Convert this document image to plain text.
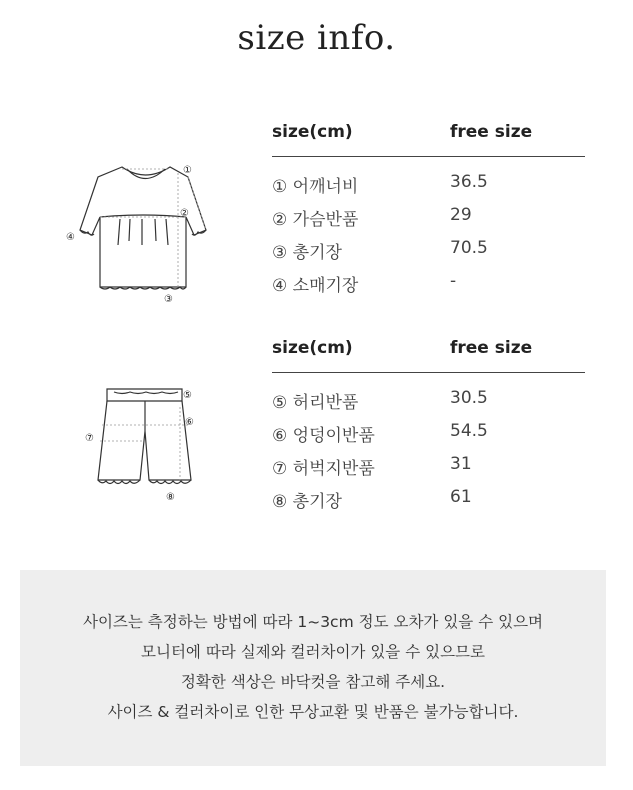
size info.
①
②
③
④
size(cm)	free size
① 어깨너비	36.5
② 가슴반품	29
③ 총기장	70.5
④ 소매기장	-
⑤
⑥
⑦
⑧
size(cm)	free size
⑤ 허리반품	30.5
⑥ 엉덩이반품	54.5
⑦ 허벅지반품	31
⑧ 총기장	61
사이즈는 측정하는 방법에 따라 1~3cm 정도 오차가 있을 수 있으며
모니터에 따라 실제와 컬러차이가 있을 수 있으므로
정확한 색상은 바닥컷을 참고해 주세요.
사이즈 & 컬러차이로 인한 무상교환 및 반품은 불가능합니다.
